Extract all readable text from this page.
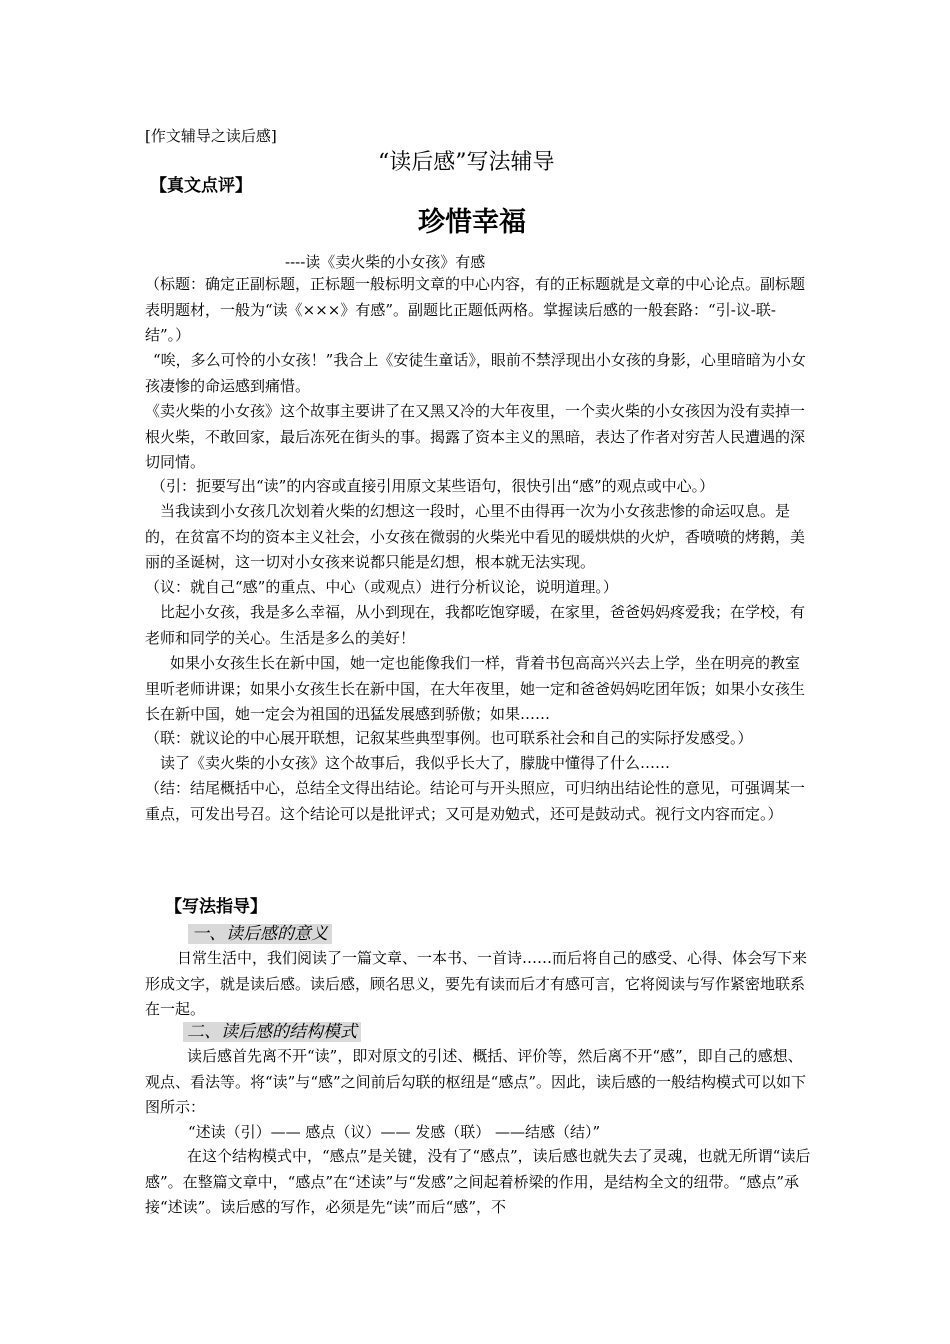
[作文辅导之读后感]
“读后感”写法辅导
【真文点评】
珍惜幸福
----读《卖火柴的小女孩》有感
（标题：确定正副标题，正标题一般标明文章的中心内容，有的正标题就是文章的中心论点。副标题表明题材，一般为“读《×××》有感”。副题比正题低两格。掌握读后感的一般套路：“引-议-联-结”。）
“唉，多么可怜的小女孩！”我合上《安徒生童话》，眼前不禁浮现出小女孩的身影，心里暗暗为小女孩凄惨的命运感到痛惜。
《卖火柴的小女孩》这个故事主要讲了在又黑又冷的大年夜里，一个卖火柴的小女孩因为没有卖掉一根火柴，不敢回家，最后冻死在街头的事。揭露了资本主义的黑暗，表达了作者对穷苦人民遭遇的深切同情。
（引：扼要写出“读”的内容或直接引用原文某些语句，很快引出“感”的观点或中心。）
当我读到小女孩几次划着火柴的幻想这一段时，心里不由得再一次为小女孩悲惨的命运叹息。是的，在贫富不均的资本主义社会，小女孩在微弱的火柴光中看见的暖烘烘的火炉，香喷喷的烤鹅，美丽的圣诞树，这一切对小女孩来说都只能是幻想，根本就无法实现。
（议：就自己“感”的重点、中心（或观点）进行分析议论，说明道理。）
比起小女孩，我是多么幸福，从小到现在，我都吃饱穿暖，在家里，爸爸妈妈疼爱我；在学校，有老师和同学的关心。生活是多么的美好！
如果小女孩生长在新中国，她一定也能像我们一样，背着书包高高兴兴去上学，坐在明亮的教室里听老师讲课；如果小女孩生长在新中国，在大年夜里，她一定和爸爸妈妈吃团年饭；如果小女孩生长在新中国，她一定会为祖国的迅猛发展感到骄傲；如果……
（联：就议论的中心展开联想，记叙某些典型事例。也可联系社会和自己的实际抒发感受。）
读了《卖火柴的小女孩》这个故事后，我似乎长大了，朦胧中懂得了什么……
（结：结尾概括中心，总结全文得出结论。结论可与开头照应，可归纳出结论性的意见，可强调某一重点，可发出号召。这个结论可以是批评式；又可是劝勉式，还可是鼓动式。视行文内容而定。）
【写法指导】
一、读后感的意义
日常生活中，我们阅读了一篇文章、一本书、一首诗……而后将自己的感受、心得、体会写下来形成文字，就是读后感。读后感，顾名思义，要先有读而后才有感可言，它将阅读与写作紧密地联系在一起。
二、读后感的结构模式
读后感首先离不开“读”，即对原文的引述、概括、评价等，然后离不开“感”，即自己的感想、观点、看法等。将“读”与“感”之间前后勾联的枢纽是“感点”。因此，读后感的一般结构模式可以如下图所示：
“述读（引）—— 感点（议）—— 发感（联） ——结感（结）”
在这个结构模式中，“感点”是关键，没有了“感点”，读后感也就失去了灵魂，也就无所谓“读后感”。在整篇文章中，“感点”在“述读”与“发感”之间起着桥梁的作用，是结构全文的纽带。“感点”承接“述读”。读后感的写作，必须是先“读”而后“感”，不
